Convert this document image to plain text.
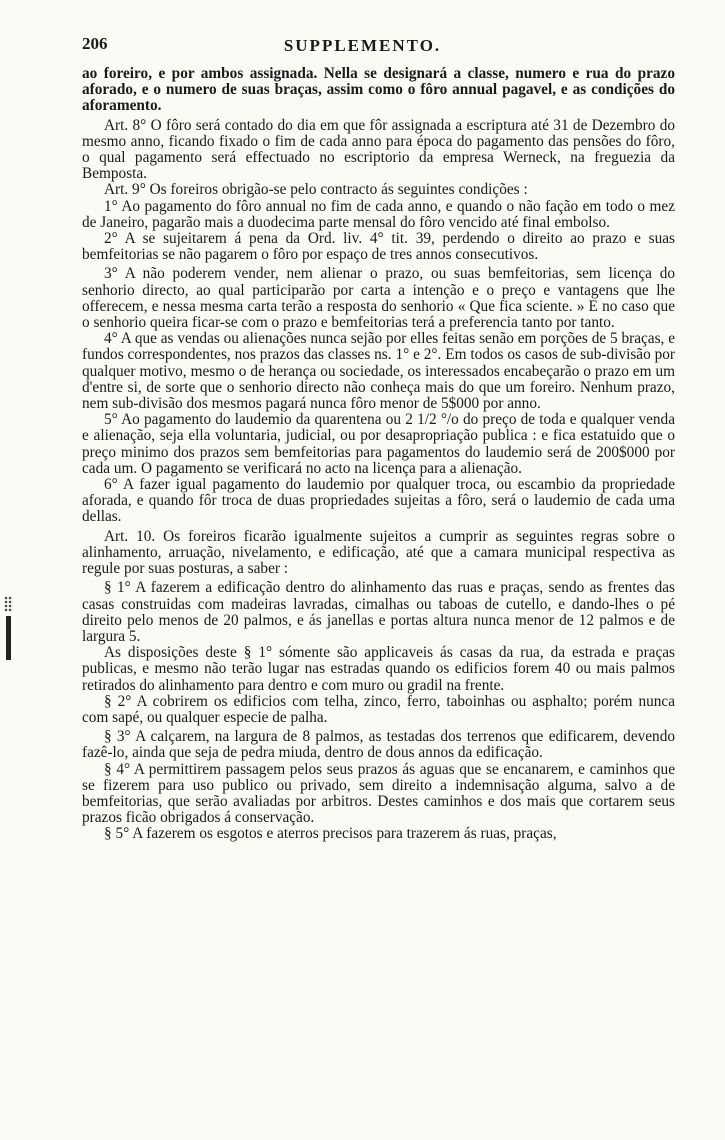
206	SUPPLEMENTO.

ao foreiro, e por ambos assignada. Nella se designará a classe, numero e rua do prazo aforado, e o numero de suas braças, assim como o fôro annual pagavel, e as condições do aforamento.

Art. 8° O fôro será contado do dia em que fôr assignada a escriptura até 31 de Dezembro do mesmo anno, ficando fixado o fim de cada anno para época do pagamento das pensões do fôro, o qual pagamento será effectuado no escriptorio da empresa Werneck, na freguezia da Bemposta.

Art. 9° Os foreiros obrigão-se pelo contracto ás seguintes condições :

1° Ao pagamento do fôro annual no fim de cada anno, e quando o não fação em todo o mez de Janeiro, pagarão mais a duodecima parte mensal do fôro vencido até final embolso.

2° A se sujeitarem á pena da Ord. liv. 4° tit. 39, perdendo o direito ao prazo e suas bemfeitorias se não pagarem o fôro por espaço de tres annos consecutivos.

3° A não poderem vender, nem alienar o prazo, ou suas bemfeitorias, sem licença do senhorio directo, ao qual participarão por carta a intenção e o preço e vantagens que lhe offerecem, e nessa mesma carta terão a resposta do senhorio « Que fica sciente. » E no caso que o senhorio queira ficar-se com o prazo e bemfeitorias terá a preferencia tanto por tanto.

4° A que as vendas ou alienações nunca sejão por elles feitas senão em porções de 5 braças, e fundos correspondentes, nos prazos das classes ns. 1° e 2°. Em todos os casos de sub-divisão por qualquer motivo, mesmo o de herança ou sociedade, os interessados encabeçarão o prazo em um d'entre si, de sorte que o senhorio directo não conheça mais do que um foreiro. Nenhum prazo, nem sub-divisão dos mesmos pagará nunca fôro menor de 5$000 por anno.

5° Ao pagamento do laudemio da quarentena ou 2 1/2 °/o do preço de toda e qualquer venda e alienação, seja ella voluntaria, judicial, ou por desapropriação publica : e fica estatuido que o preço minimo dos prazos sem bemfeitorias para pagamentos do laudemio será de 200$000 por cada um. O pagamento se verificará no acto na licença para a alienação.

6° A fazer igual pagamento do laudemio por qualquer troca, ou escambio da propriedade aforada, e quando fôr troca de duas propriedades sujeitas a fôro, será o laudemio de cada uma dellas.

Art. 10. Os foreiros ficarão igualmente sujeitos a cumprir as seguintes regras sobre o alinhamento, arruação, nivelamento, e edificação, até que a camara municipal respectiva as regule por suas posturas, a saber :

§ 1° A fazerem a edificação dentro do alinhamento das ruas e praças, sendo as frentes das casas construidas com madeiras lavradas, cimalhas ou taboas de cutello, e dando-lhes o pé direito pelo menos de 20 palmos, e ás janellas e portas altura nunca menor de 12 palmos e de largura 5.

As disposições deste § 1° sómente são applicaveis ás casas da rua, da estrada e praças publicas, e mesmo não terão lugar nas estradas quando os edificios forem 40 ou mais palmos retirados do alinhamento para dentro e com muro ou gradil na frente.

§ 2° A cobrirem os edificios com telha, zinco, ferro, taboinhas ou asphalto; porém nunca com sapé, ou qualquer especie de palha.

§ 3° A calçarem, na largura de 8 palmos, as testadas dos terrenos que edificarem, devendo fazê-lo, ainda que seja de pedra miuda, dentro de dous annos da edificação.

§ 4° A permittirem passagem pelos seus prazos ás aguas que se encanarem, e caminhos que se fizerem para uso publico ou privado, sem direito a indemnisação alguma, salvo a de bemfeitorias, que serão avaliadas por arbitros. Destes caminhos e dos mais que cortarem seus prazos ficão obrigados á conservação.

§ 5° A fazerem os esgotos e aterros precisos para trazerem ás ruas, praças,
